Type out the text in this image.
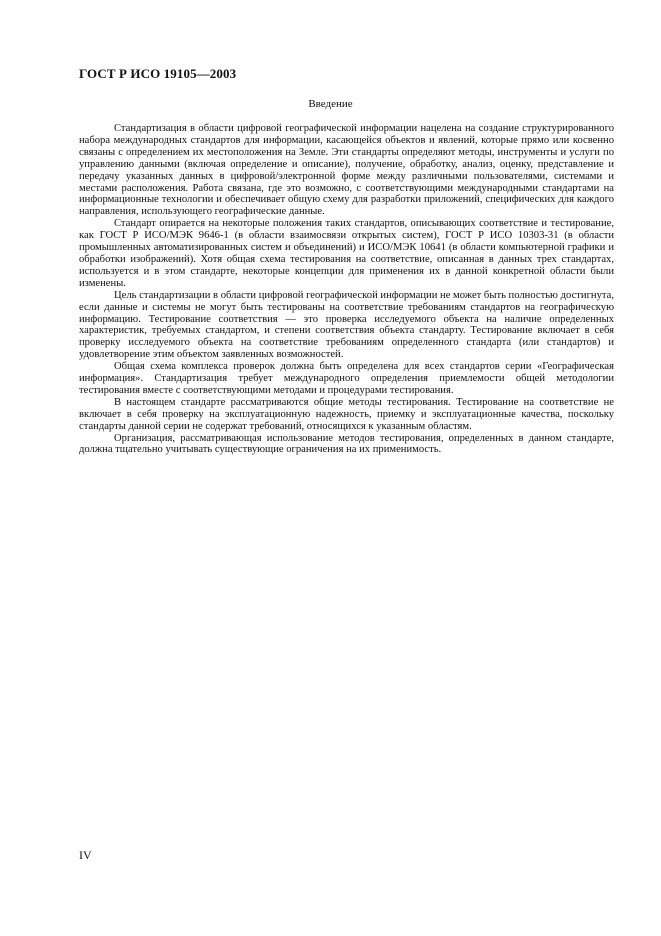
ГОСТ Р ИСО 19105—2003
Введение

Стандартизация в области цифровой географической информации нацелена на создание структурированного набора международных стандартов для информации, касающейся объектов и явлений, которые прямо или косвенно связаны с определением их местоположения на Земле. Эти стандарты определяют методы, инструменты и услуги по управлению данными (включая определение и описание), получение, обработку, анализ, оценку, представление и передачу указанных данных в цифровой/электронной форме между различными пользователями, системами и местами расположения. Работа связана, где это возможно, с соответствующими международными стандартами на информационные технологии и обеспечивает общую схему для разработки приложений, специфических для каждого направления, использующего географические данные.

Стандарт опирается на некоторые положения таких стандартов, описывающих соответствие и тестирование, как ГОСТ Р ИСО/МЭК 9646-1 (в области взаимосвязи открытых систем), ГОСТ Р ИСО 10303-31 (в области промышленных автоматизированных систем и объединений) и ИСО/МЭК 10641 (в области компьютерной графики и обработки изображений). Хотя общая схема тестирования на соответствие, описанная в данных трех стандартах, используется и в этом стандарте, некоторые концепции для применения их в данной конкретной области были изменены.

Цель стандартизации в области цифровой географической информации не может быть полностью достигнута, если данные и системы не могут быть тестированы на соответствие требованиям стандартов на географическую информацию. Тестирование соответствия — это проверка исследуемого объекта на наличие определенных характеристик, требуемых стандартом, и степени соответствия объекта стандарту. Тестирование включает в себя проверку исследуемого объекта на соответствие требованиям определенного стандарта (или стандартов) и удовлетворение этим объектом заявленных возможностей.

Общая схема комплекса проверок должна быть определена для всех стандартов серии «Географическая информация». Стандартизация требует международного определения приемлемости общей методологии тестирования вместе с соответствующими методами и процедурами тестирования.

В настоящем стандарте рассматриваются общие методы тестирования. Тестирование на соответствие не включает в себя проверку на эксплуатационную надежность, приемку и эксплуатационные качества, поскольку стандарты данной серии не содержат требований, относящихся к указанным областям.

Организация, рассматривающая использование методов тестирования, определенных в данном стандарте, должна тщательно учитывать существующие ограничения на их применимость.

IV
